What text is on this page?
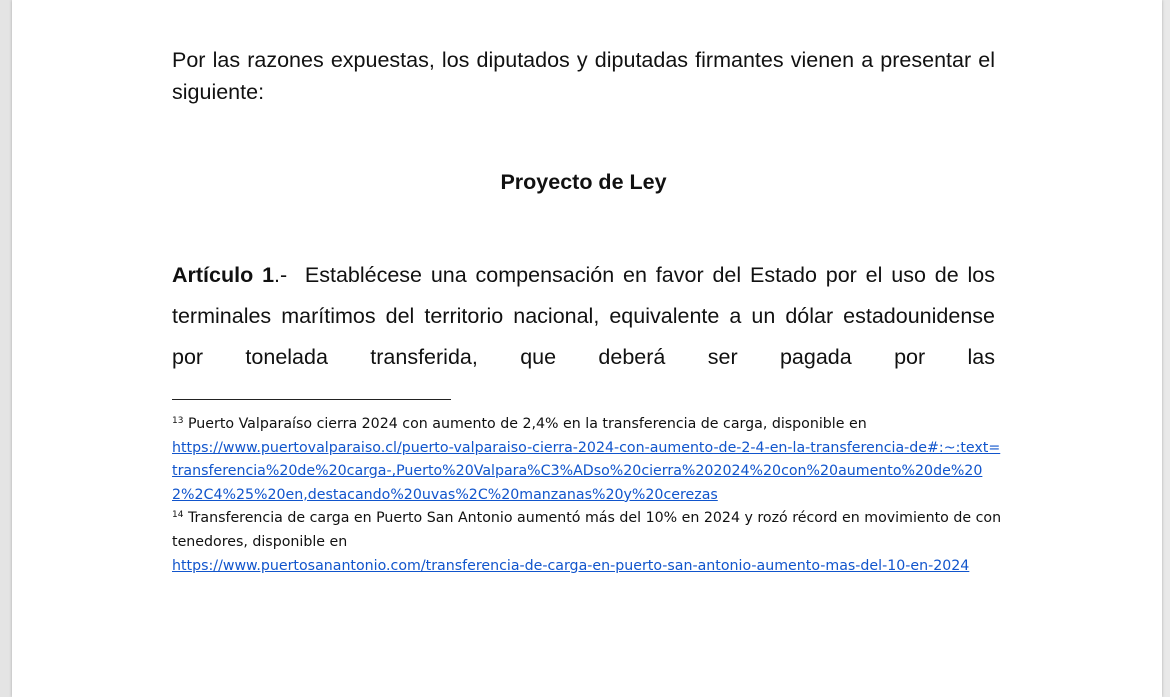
Por las razones expuestas, los diputados y diputadas firmantes vienen a presentar el siguiente:

Proyecto de Ley

Artículo 1.- Establécese una compensación en favor del Estado por el uso de los terminales marítimos del territorio nacional, equivalente a un dólar estadounidense por tonelada transferida, que deberá ser pagada por las

$^{13}$ Puerto Valparaíso cierra 2024 con aumento de 2,4% en la transferencia de carga, disponible en
https://www.puertovalparaiso.cl/puerto-valparaiso-cierra-2024-con-aumento-de-2-4-en-la-transferencia-de#:~:text=transferencia%20de%20carga-,Puerto%20Valpara%C3%ADso%20cierra%202024%20con%20aumento%20de%202%2C4%25%20en,destacando%20uvas%2C%20manzanas%20y%20cerezas

$^{14}$ Transferencia de carga en Puerto San Antonio aumentó más del 10% en 2024 y rozó récord en movimiento de contenedores, disponible en
https://www.puertosanantonio.com/transferencia-de-carga-en-puerto-san-antonio-aumento-mas-del-10-en-2024
